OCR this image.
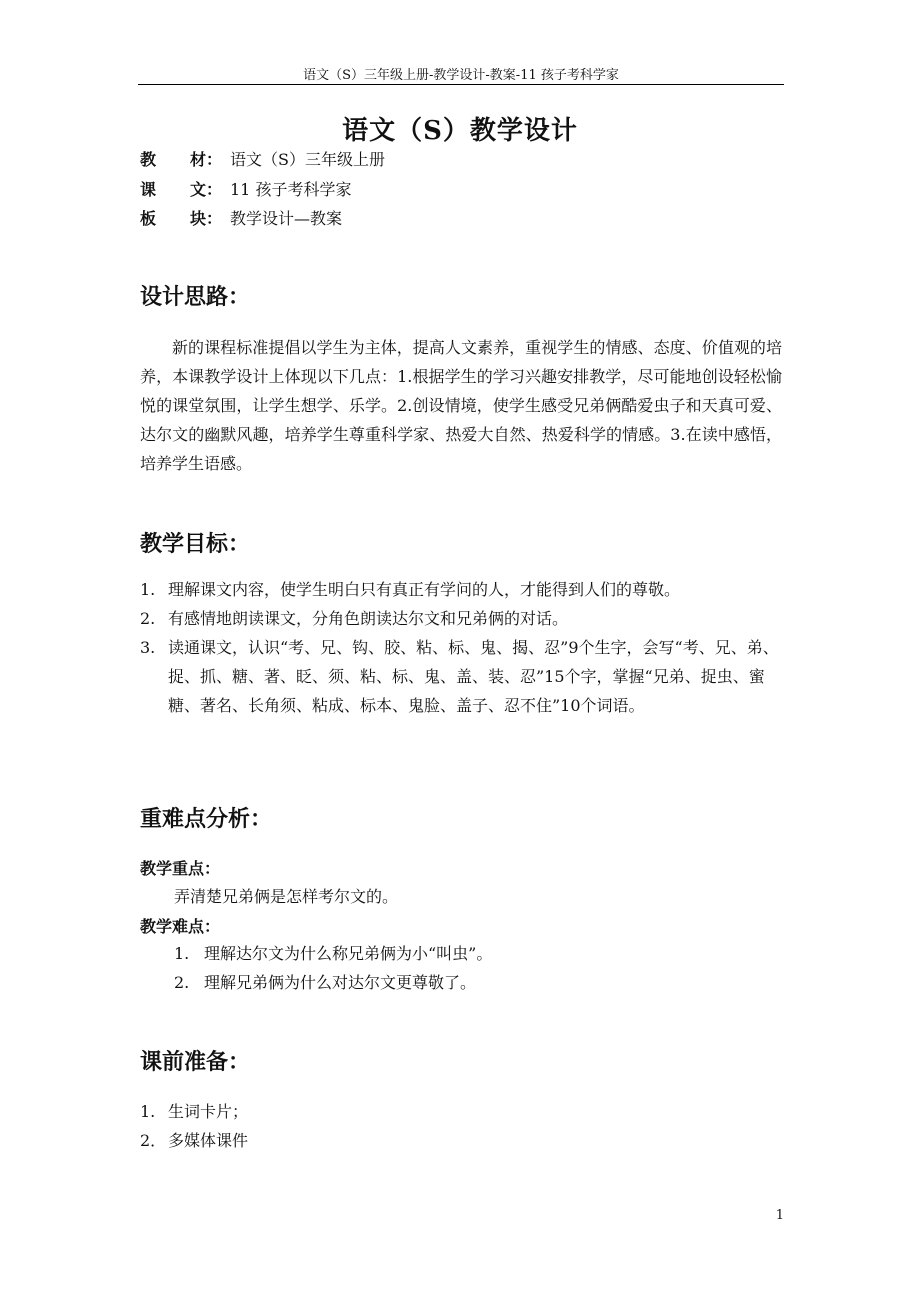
语文（S）三年级上册-教学设计-教案-11 孩子考科学家
语文（S）教学设计
教 材： 语文（S）三年级上册
课 文： 11 孩子考科学家
板 块： 教学设计—教案
设计思路：
新的课程标准提倡以学生为主体，提高人文素养，重视学生的情感、态度、价值观的培养，本课教学设计上体现以下几点：1.根据学生的学习兴趣安排教学，尽可能地创设轻松愉悦的课堂氛围，让学生想学、乐学。2.创设情境，使学生感受兄弟俩酷爱虫子和天真可爱、达尔文的幽默风趣，培养学生尊重科学家、热爱大自然、热爱科学的情感。3.在读中感悟，培养学生语感。
教学目标：
1. 理解课文内容，使学生明白只有真正有学问的人，才能得到人们的尊敬。
2. 有感情地朗读课文，分角色朗读达尔文和兄弟俩的对话。
3. 读通课文，认识“考、兄、钩、胶、粘、标、鬼、揭、忍”9个生字，会写“考、兄、弟、捉、抓、糖、著、眨、须、粘、标、鬼、盖、装、忍”15个字，掌握“兄弟、捉虫、蜜糖、著名、长角须、粘成、标本、鬼脸、盖子、忍不住”10个词语。
重难点分析：
教学重点：
弄清楚兄弟俩是怎样考尔文的。
教学难点：
1. 理解达尔文为什么称兄弟俩为小“叫虫”。
2. 理解兄弟俩为什么对达尔文更尊敬了。
课前准备：
1. 生词卡片；
2． 多媒体课件
1
